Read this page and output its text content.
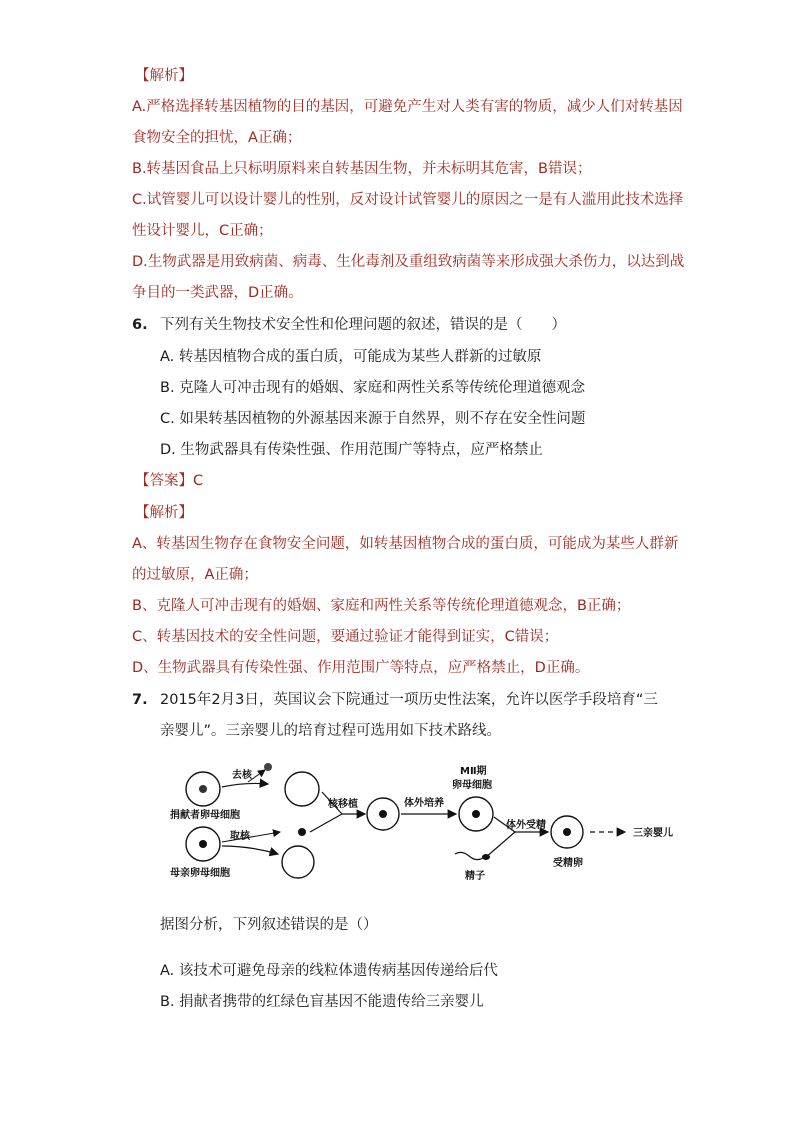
【解析】
A.严格选择转基因植物的目的基因，可避免产生对人类有害的物质，减少人们对转基因
食物安全的担忧，A正确；
B.转基因食品上只标明原料来自转基因生物，并未标明其危害，B错误；
C.试管婴儿可以设计婴儿的性别，反对设计试管婴儿的原因之一是有人滥用此技术选择
性设计婴儿，C正确；
D.生物武器是用致病菌、病毒、生化毒剂及重组致病菌等来形成强大杀伤力，以达到战
争目的一类武器，D正确。
6. 下列有关生物技术安全性和伦理问题的叙述，错误的是（　　）
A. 转基因植物合成的蛋白质，可能成为某些人群新的过敏原
B. 克隆人可冲击现有的婚姻、家庭和两性关系等传统伦理道德观念
C. 如果转基因植物的外源基因来源于自然界，则不存在安全性问题
D. 生物武器具有传染性强、作用范围广等特点，应严格禁止
【答案】C
【解析】
A、转基因生物存在食物安全问题，如转基因植物合成的蛋白质，可能成为某些人群新
的过敏原，A正确；
B、克隆人可冲击现有的婚姻、家庭和两性关系等传统伦理道德观念，B正确；
C、转基因技术的安全性问题，要通过验证才能得到证实，C错误；
D、生物武器具有传染性强、作用范围广等特点，应严格禁止，D正确。
7. 2015年2月3日，英国议会下院通过一项历史性法案，允许以医学手段培育“三
亲婴儿”。三亲婴儿的培育过程可选用如下技术路线。
捐献者卵母细胞
去核
母亲卵母细胞
取核
核移植	体外培养
MⅡ期
卵母细胞
体外受精
精子
受精卵
三亲婴儿
据图分析，下列叙述错误的是（）
A. 该技术可避免母亲的线粒体遗传病基因传递给后代
B. 捐献者携带的红绿色盲基因不能遗传给三亲婴儿
